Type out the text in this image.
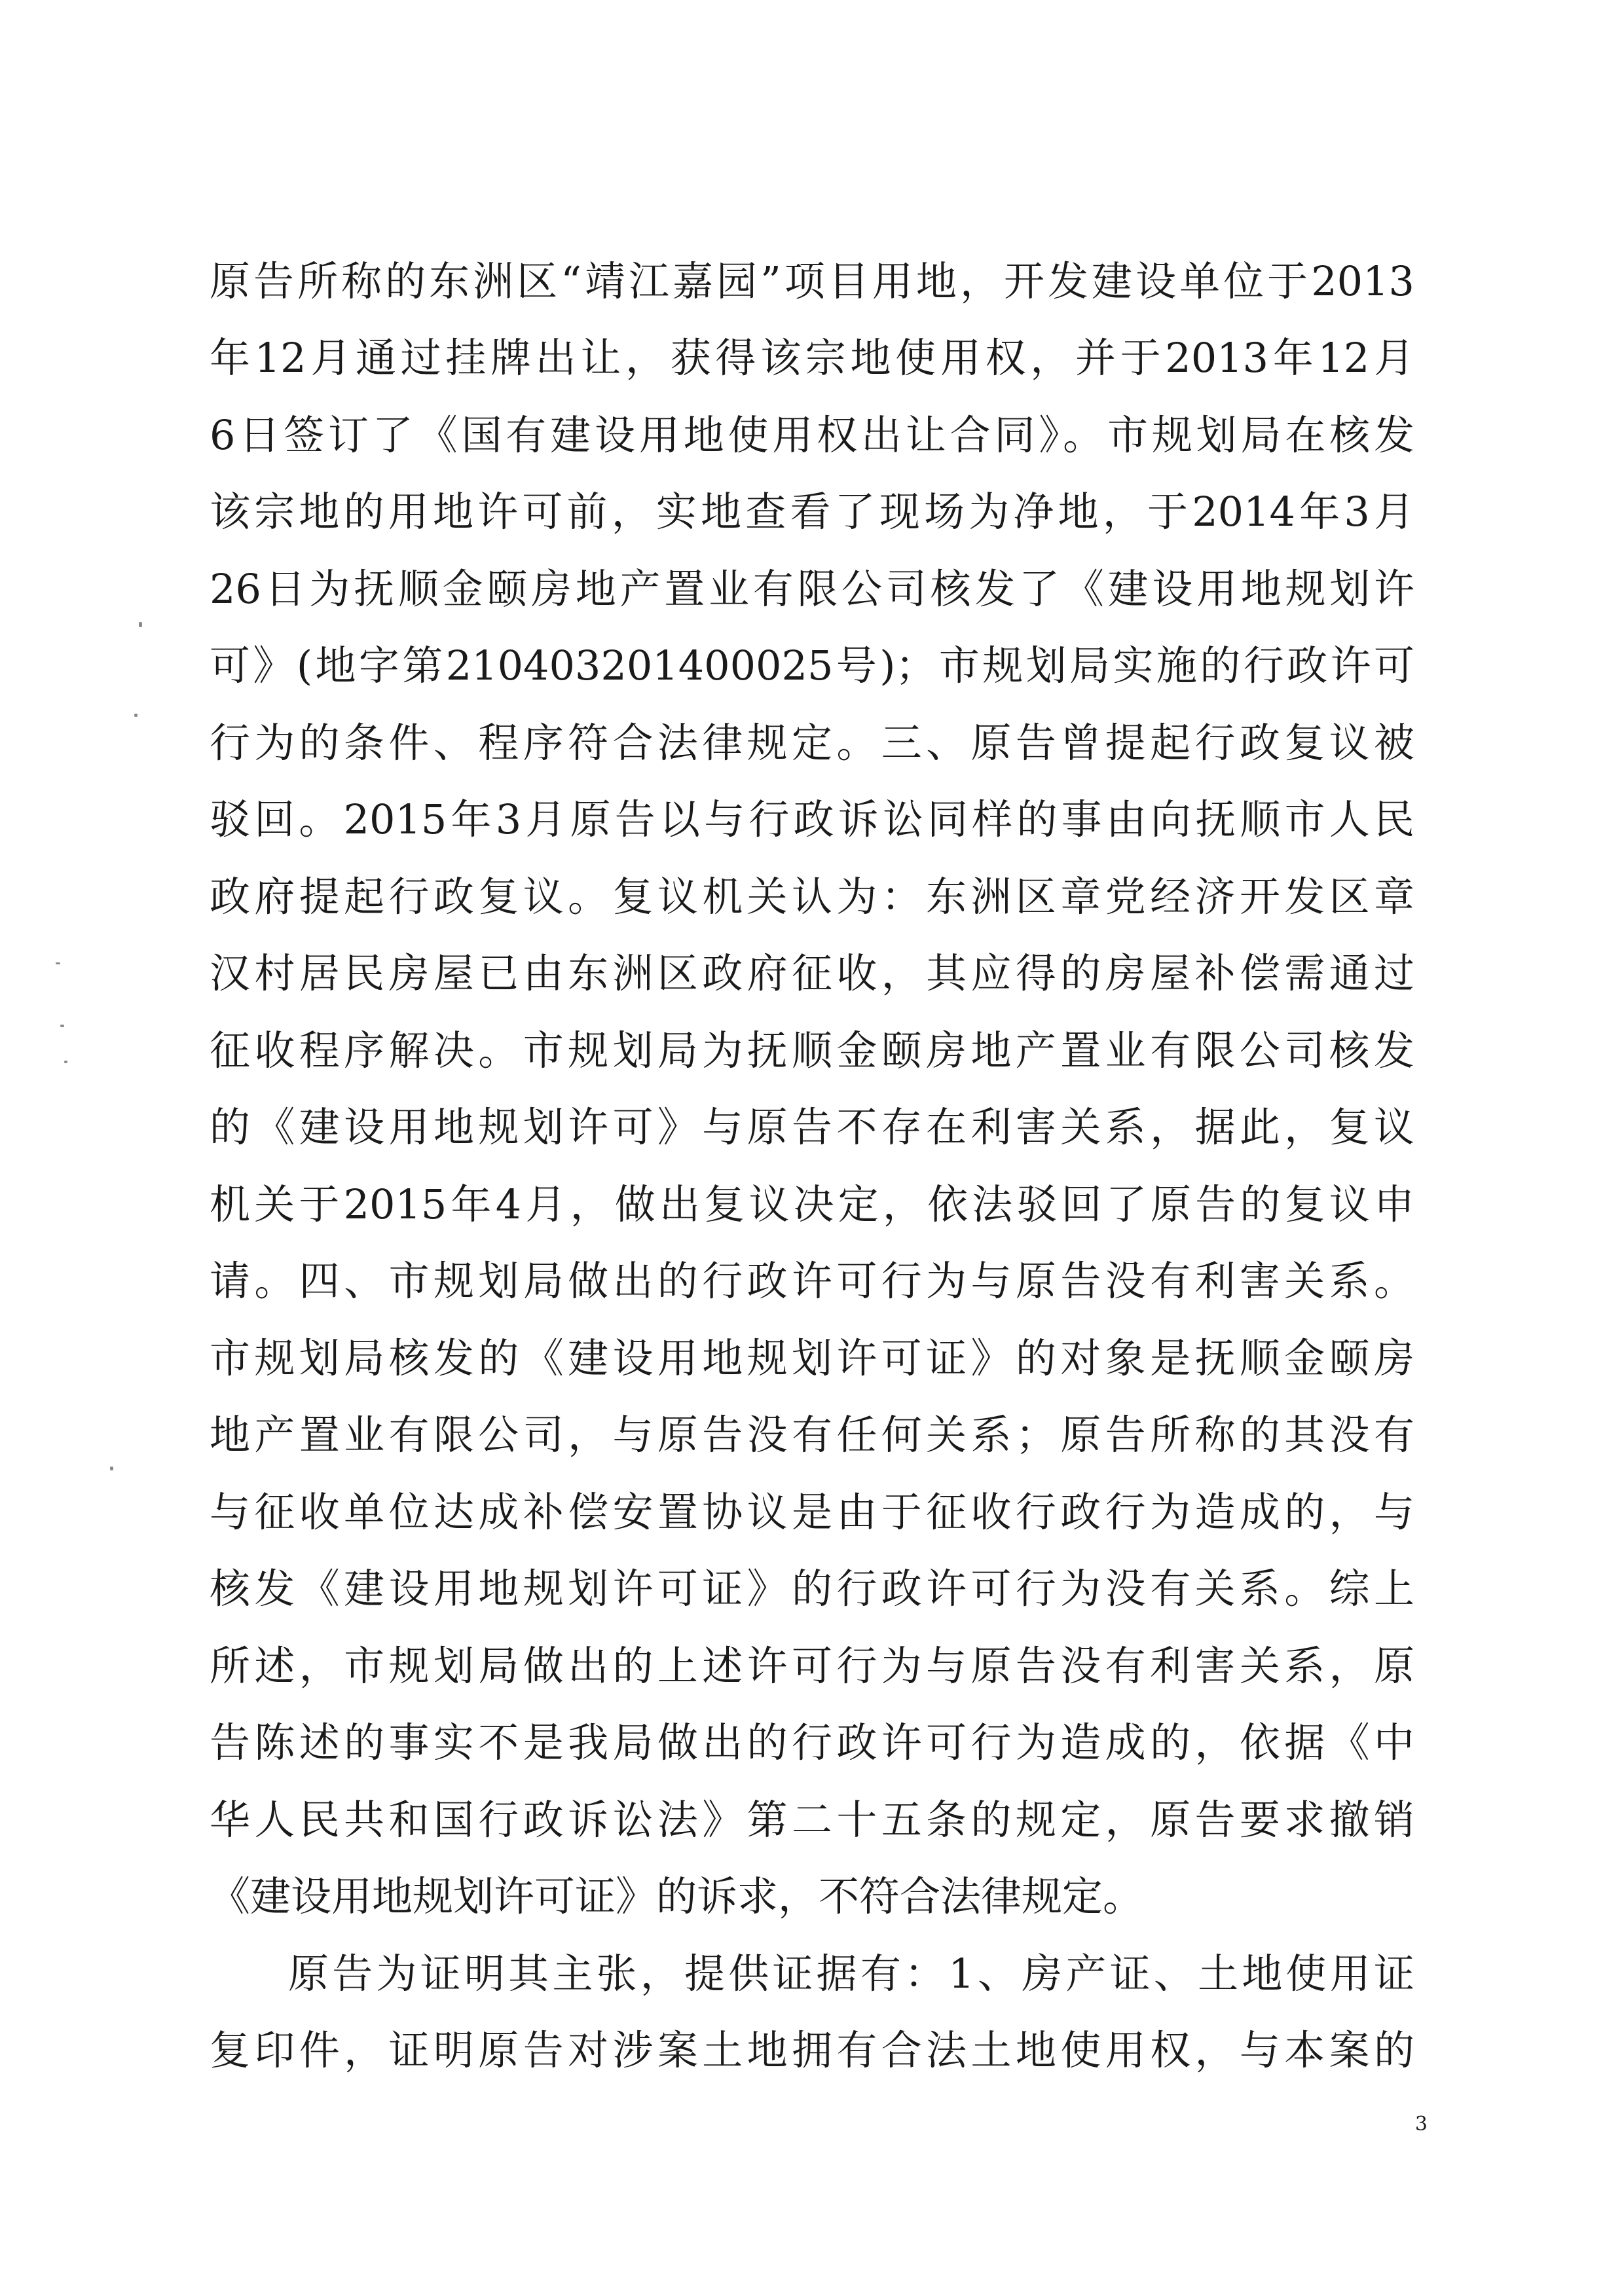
原告所称的东洲区“靖江嘉园”项目用地，开发建设单位于2013
年12月通过挂牌出让，获得该宗地使用权，并于2013年12月
6日签订了《国有建设用地使用权出让合同》。市规划局在核发
该宗地的用地许可前，实地查看了现场为净地，于2014年3月
26日为抚顺金颐房地产置业有限公司核发了《建设用地规划许
可》(地字第210403201400025号)；市规划局实施的行政许可
行为的条件、程序符合法律规定。三、原告曾提起行政复议被
驳回。2015年3月原告以与行政诉讼同样的事由向抚顺市人民
政府提起行政复议。复议机关认为：东洲区章党经济开发区章
汉村居民房屋已由东洲区政府征收，其应得的房屋补偿需通过
征收程序解决。市规划局为抚顺金颐房地产置业有限公司核发
的《建设用地规划许可》与原告不存在利害关系，据此，复议
机关于2015年4月，做出复议决定，依法驳回了原告的复议申
请。四、市规划局做出的行政许可行为与原告没有利害关系。
市规划局核发的《建设用地规划许可证》的对象是抚顺金颐房
地产置业有限公司，与原告没有任何关系；原告所称的其没有
与征收单位达成补偿安置协议是由于征收行政行为造成的，与
核发《建设用地规划许可证》的行政许可行为没有关系。综上
所述，市规划局做出的上述许可行为与原告没有利害关系，原
告陈述的事实不是我局做出的行政许可行为造成的，依据《中
华人民共和国行政诉讼法》第二十五条的规定，原告要求撤销
《建设用地规划许可证》的诉求，不符合法律规定。
原告为证明其主张，提供证据有：1、房产证、土地使用证
复印件，证明原告对涉案土地拥有合法土地使用权，与本案的
3
